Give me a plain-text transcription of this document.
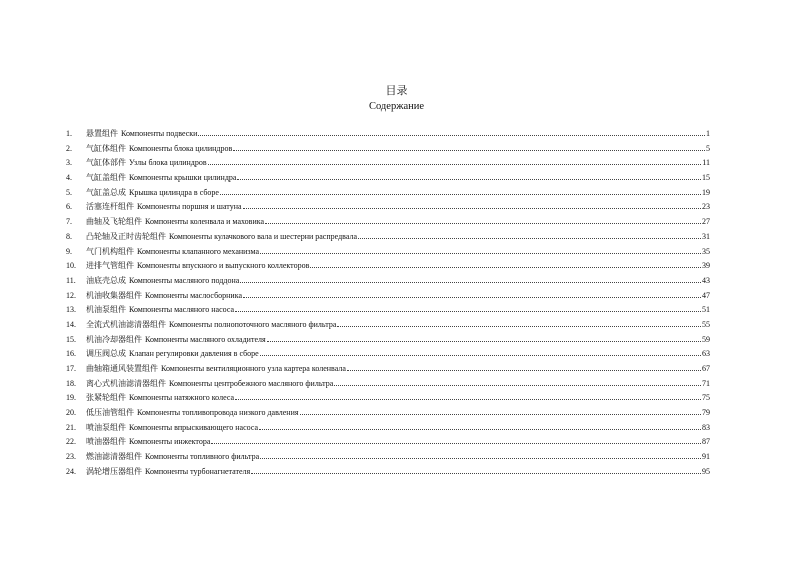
目录
Содержание
1.	悬置组件 Компоненты подвески	1
2.	气缸体组件 Компоненты блока цилиндров	5
3.	气缸体部件 Узлы блока цилиндров	11
4.	气缸盖组件 Компоненты крышки цилиндра	15
5.	气缸盖总成 Крышка цилиндра в сборе	19
6.	活塞连杆组件 Компоненты поршня и шатуна	23
7.	曲轴及飞轮组件 Компоненты коленвала и маховика	27
8.	凸轮轴及正时齿轮组件 Компоненты кулачкового вала и шестерни распредвала	31
9.	气门机构组件 Компоненты клапанного механизма	35
10.	进排气管组件 Компоненты впускного и выпускного коллекторов	39
11.	油底壳总成 Компоненты масляного поддона	43
12.	机油收集器组件 Компоненты маслосборника	47
13.	机油泵组件 Компоненты масляного насоса	51
14.	全流式机油滤清器组件 Компоненты полнопоточного масляного фильтра	55
15.	机油冷却器组件 Компоненты масляного охладителя	59
16.	调压阀总成 Клапан регулировки давления в сборе	63
17.	曲轴箱通风装置组件 Компоненты вентиляционного узла картера коленвала	67
18.	离心式机油滤清器组件 Компоненты центробежного масляного фильтра	71
19.	张紧轮组件 Компоненты натяжного колеса	75
20.	低压油管组件 Компоненты топливопровода низкого давления	79
21.	喷油泵组件 Компоненты впрыскивающего насоса	83
22.	喷油器组件 Компоненты инжектора	87
23.	燃油滤清器组件 Компоненты топливного фильтра	91
24.	涡轮增压器组件 Компоненты турбонагнетателя	95
